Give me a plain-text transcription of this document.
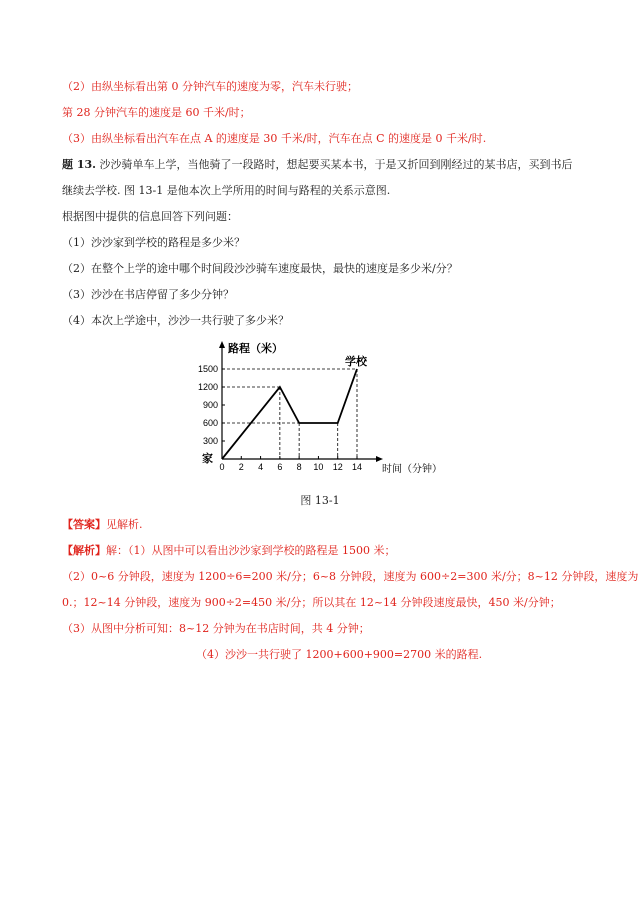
（2）由纵坐标看出第 0 分钟汽车的速度为零，汽车未行驶；
第 28 分钟汽车的速度是 60 千米/时；
（3）由纵坐标看出汽车在点 A 的速度是 30 千米/时，汽车在点 C 的速度是 0 千米/时.
题 13. 沙沙骑单车上学，当他骑了一段路时，想起要买某本书，于是又折回到刚经过的某书店，买到书后
继续去学校. 图 13-1 是他本次上学所用的时间与路程的关系示意图.
根据图中提供的信息回答下列问题：
（1）沙沙家到学校的路程是多少米？
（2）在整个上学的途中哪个时间段沙沙骑车速度最快，最快的速度是多少米/分？
（3）沙沙在书店停留了多少分钟？
（4）本次上学途中，沙沙一共行驶了多少米？
300
600
900
1200
1500
0 2 4 6 8 10 12 14
路程（米）
时间（分钟）
家
学校
图 13-1
【答案】见解析.
【解析】解：（1）从图中可以看出沙沙家到学校的路程是 1500 米；
（2）0~6 分钟段，速度为 1200÷6=200 米/分；6~8 分钟段，速度为 600÷2=300 米/分；8~12 分钟段，速度为
0.；12~14 分钟段，速度为 900÷2=450 米/分；所以其在 12~14 分钟段速度最快，450 米/分钟；
（3）从图中分析可知：8~12 分钟为在书店时间，共 4 分钟；
（4）沙沙一共行驶了 1200+600+900=2700 米的路程.
